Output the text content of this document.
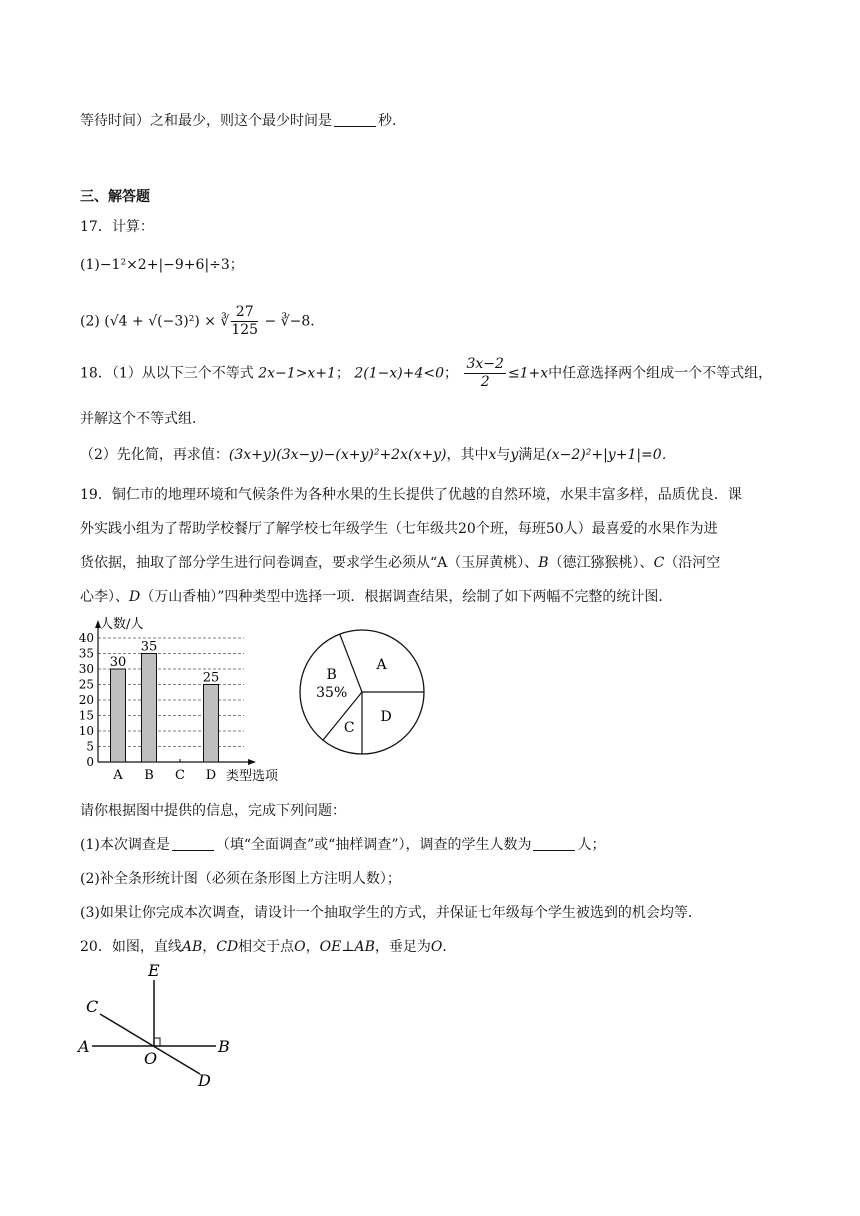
等待时间）之和最少，则这个最少时间是	秒．
三、解答题
17．计算：
(1)−1²×2+|−9+6|÷3；
(2) (√4 + √(−3)²) × ∛ $\frac{27}{125}$ − ∛−8．
18．（1）从以下三个不等式 2x−1>x+1； 2(1−x)+4<0； $\frac{3x-2}{2} \le 1+x$中任意选择两个组成一个不等式组，
并解这个不等式组．
（2）先化简，再求值：(3x+y)(3x−y)−(x+y)²+2x(x+y)，其中x与y满足(x−2)²+|y+1|=0．
19．铜仁市的地理环境和气候条件为各种水果的生长提供了优越的自然环境，水果丰富多样，品质优良．课
外实践小组为了帮助学校餐厅了解学校七年级学生（七年级共20个班，每班50人）最喜爱的水果作为进
货依据，抽取了部分学生进行问卷调查，要求学生必须从“A（玉屏黄桃）、B（德江猕猴桃）、C（沿河空
心李）、D（万山香柚）”四种类型中选择一项．根据调查结果，绘制了如下两幅不完整的统计图．
0
5
10
15
20
25
30
35
40
人数/人
类型选项
A
30
B
35
C D
25
A
D
C
B
35%
请你根据图中提供的信息，完成下列问题：
(1)本次调查是	（填“全面调查”或“抽样调查”），调查的学生人数为	人；
(2)补全条形统计图（必须在条形图上方注明人数）；
(3)如果让你完成本次调查，请设计一个抽取学生的方式，并保证七年级每个学生被选到的机会均等．
20．如图，直线AB，CD相交于点O，OE⊥AB，垂足为O．
E
C
A
O
B
D
